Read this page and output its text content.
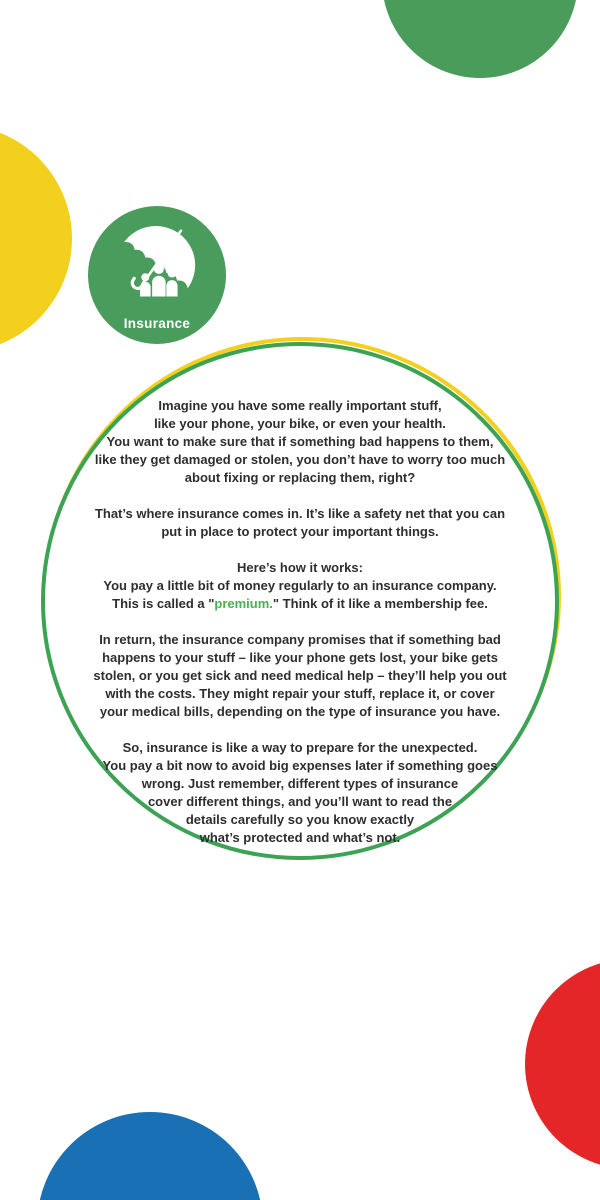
Insurance
Imagine you have some really important stuff,
like your phone, your bike, or even your health.
You want to make sure that if something bad happens to them,
like they get damaged or stolen, you don’t have to worry too much
about fixing or replacing them, right?
That’s where insurance comes in. It’s like a safety net that you can
put in place to protect your important things.
Here’s how it works:
You pay a little bit of money regularly to an insurance company.
This is called a "premium." Think of it like a membership fee.
In return, the insurance company promises that if something bad
happens to your stuff – like your phone gets lost, your bike gets
stolen, or you get sick and need medical help – they’ll help you out
with the costs. They might repair your stuff, replace it, or cover
your medical bills, depending on the type of insurance you have.
So, insurance is like a way to prepare for the unexpected.
You pay a bit now to avoid big expenses later if something goes
wrong. Just remember, different types of insurance
cover different things, and you’ll want to read the
details carefully so you know exactly
what’s protected and what’s not.
